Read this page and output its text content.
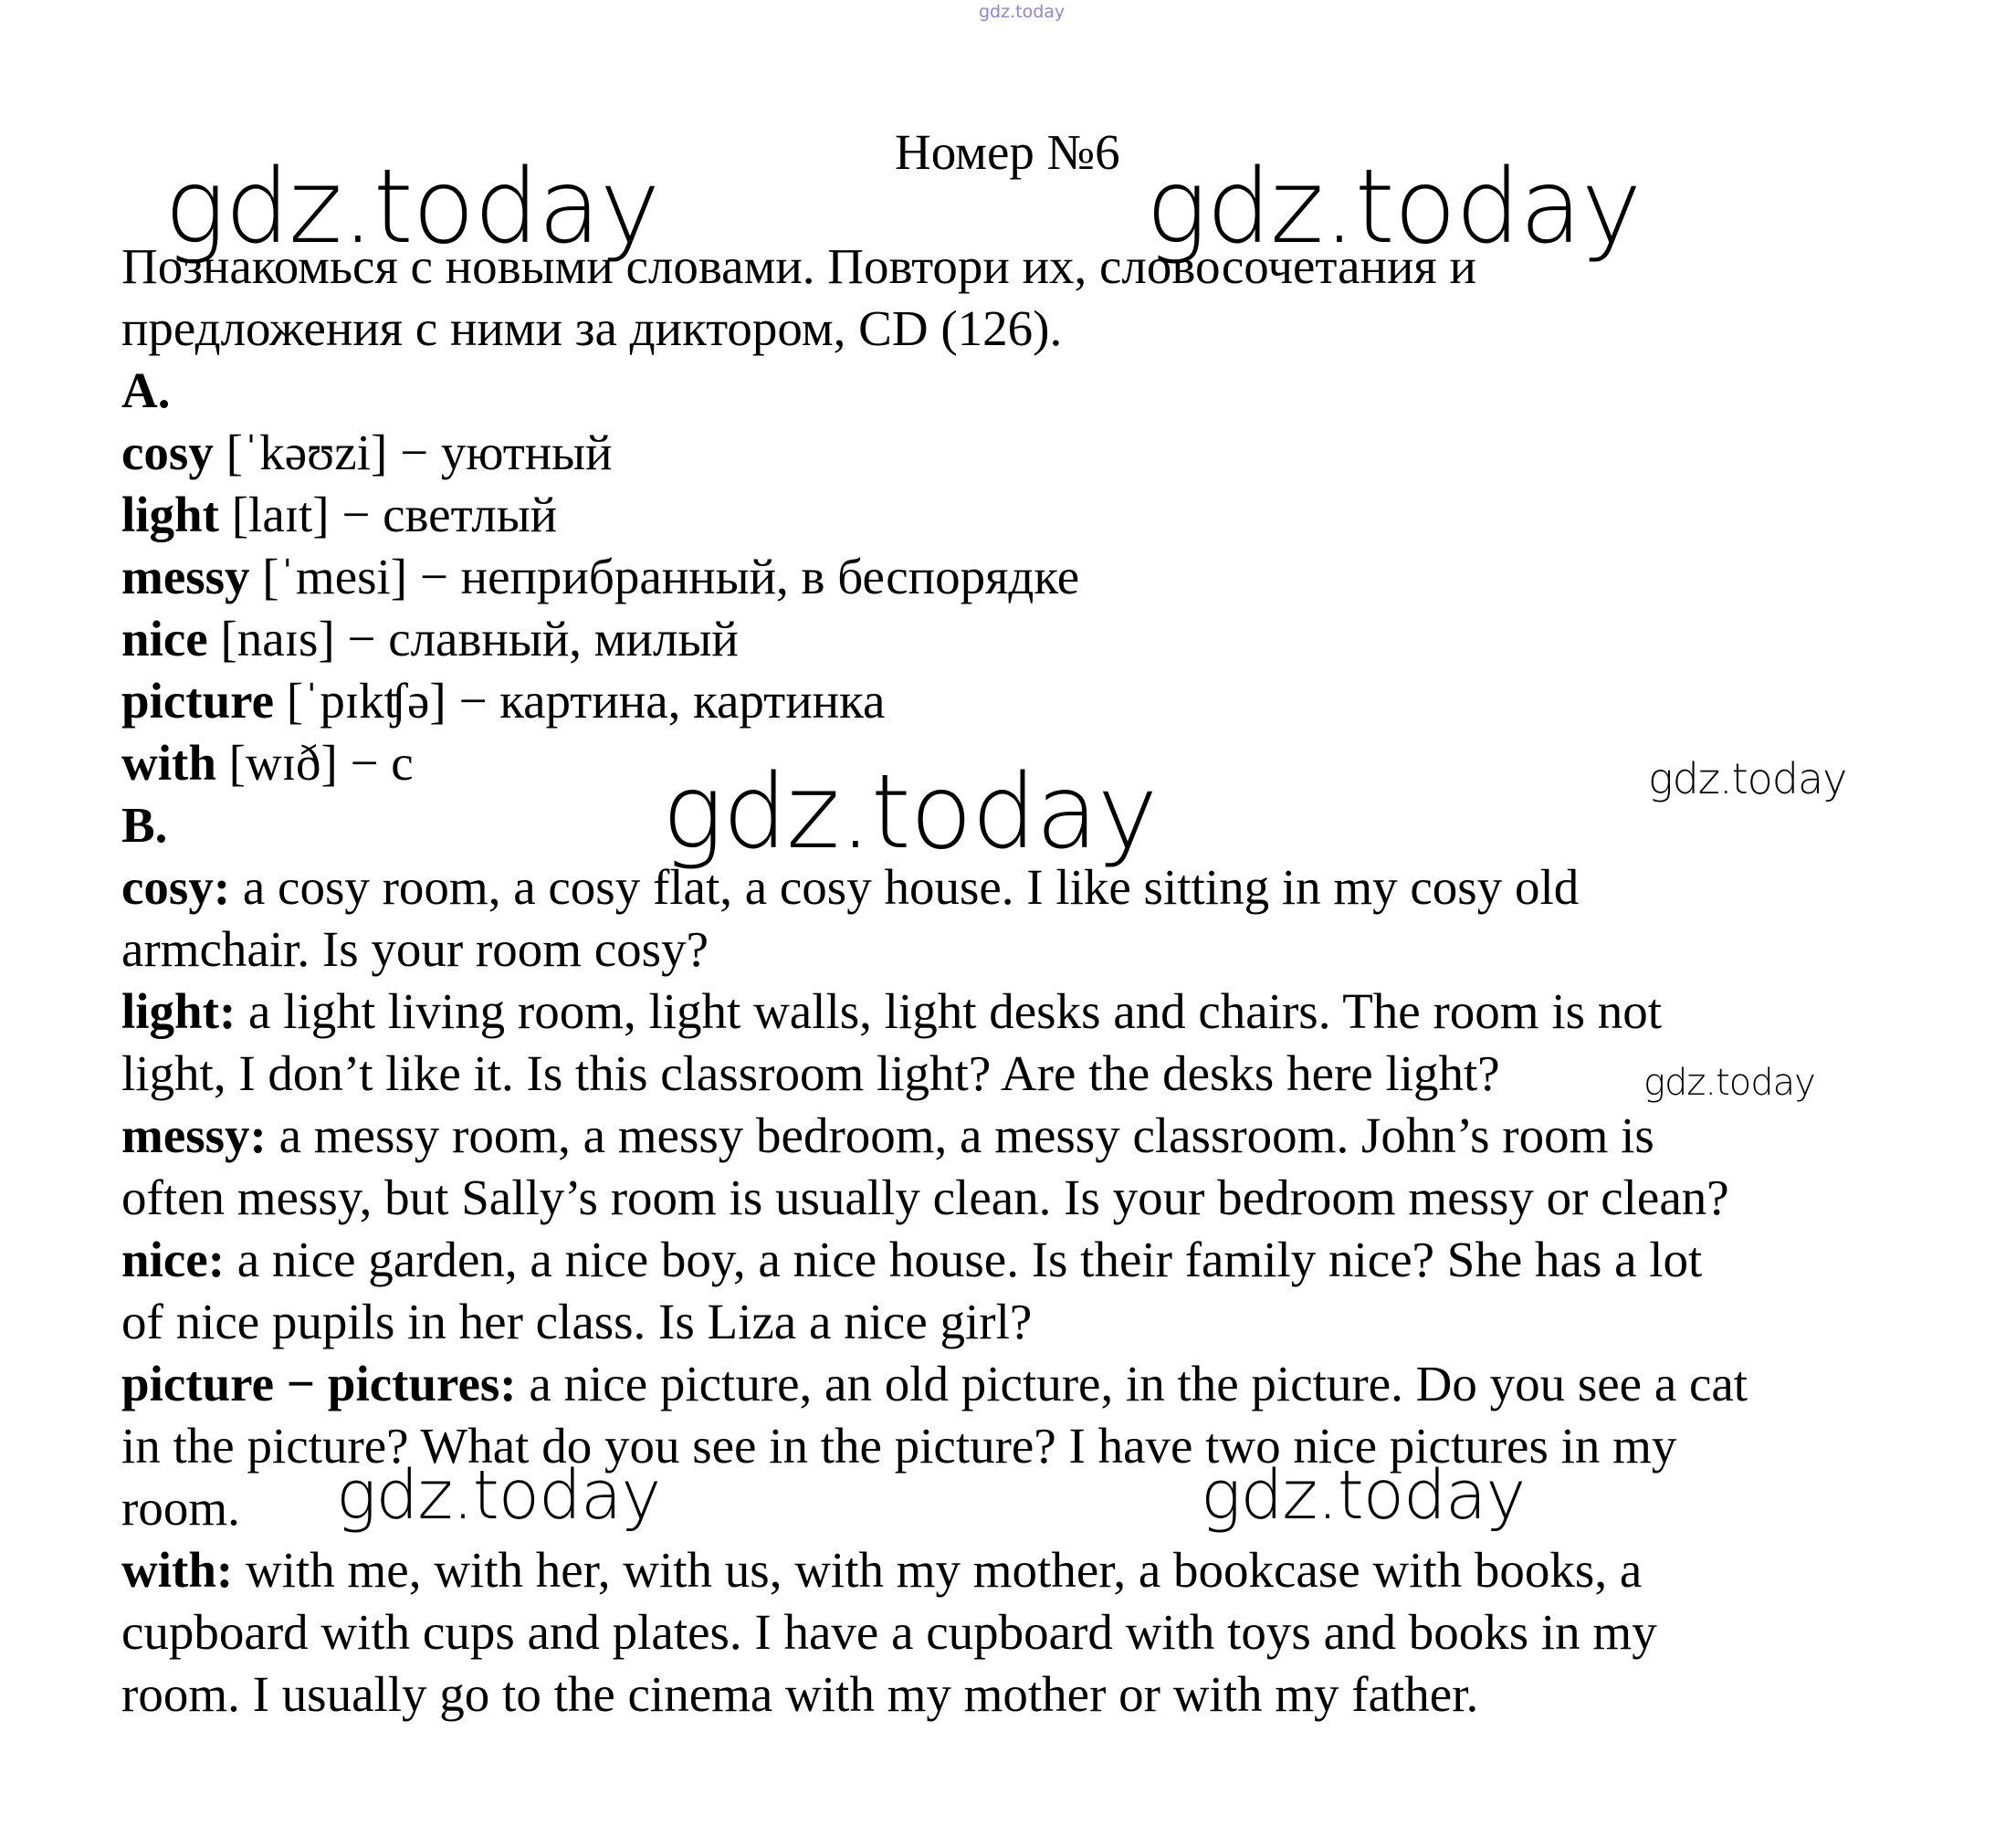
gdz.today
Номер №6
Познакомься с новыми словами. Повтори их, словосочетания и
предложения с ними за диктором, CD (126).
A.
cosy [ˈkəʊzi] − уютный
light [laɪt] − светлый
messy [ˈmesi] − неприбранный, в беспорядке
nice [naɪs] − славный, милый
picture [ˈpɪkʧə] − картина, картинка
with [wɪð] − c
B.
cosy: a cosy room, a cosy flat, a cosy house. I like sitting in my cosy old
armchair. Is your room cosy?
light: a light living room, light walls, light desks and chairs. The room is not
light, I don’t like it. Is this classroom light? Are the desks here light?
messy: a messy room, a messy bedroom, a messy classroom. John’s room is
often messy, but Sally’s room is usually clean. Is your bedroom messy or clean?
nice: a nice garden, a nice boy, a nice house. Is their family nice? She has a lot
of nice pupils in her class. Is Liza a nice girl?
picture − pictures: a nice picture, an old picture, in the picture. Do you see a cat
in the picture? What do you see in the picture? I have two nice pictures in my
room.
with: with me, with her, with us, with my mother, a bookcase with books, a
cupboard with cups and plates. I have a cupboard with toys and books in my
room. I usually go to the cinema with my mother or with my father.
gdz.today	gdz.today
gdz.today	gdz.today
gdz.today
gdz.today	gdz.today
